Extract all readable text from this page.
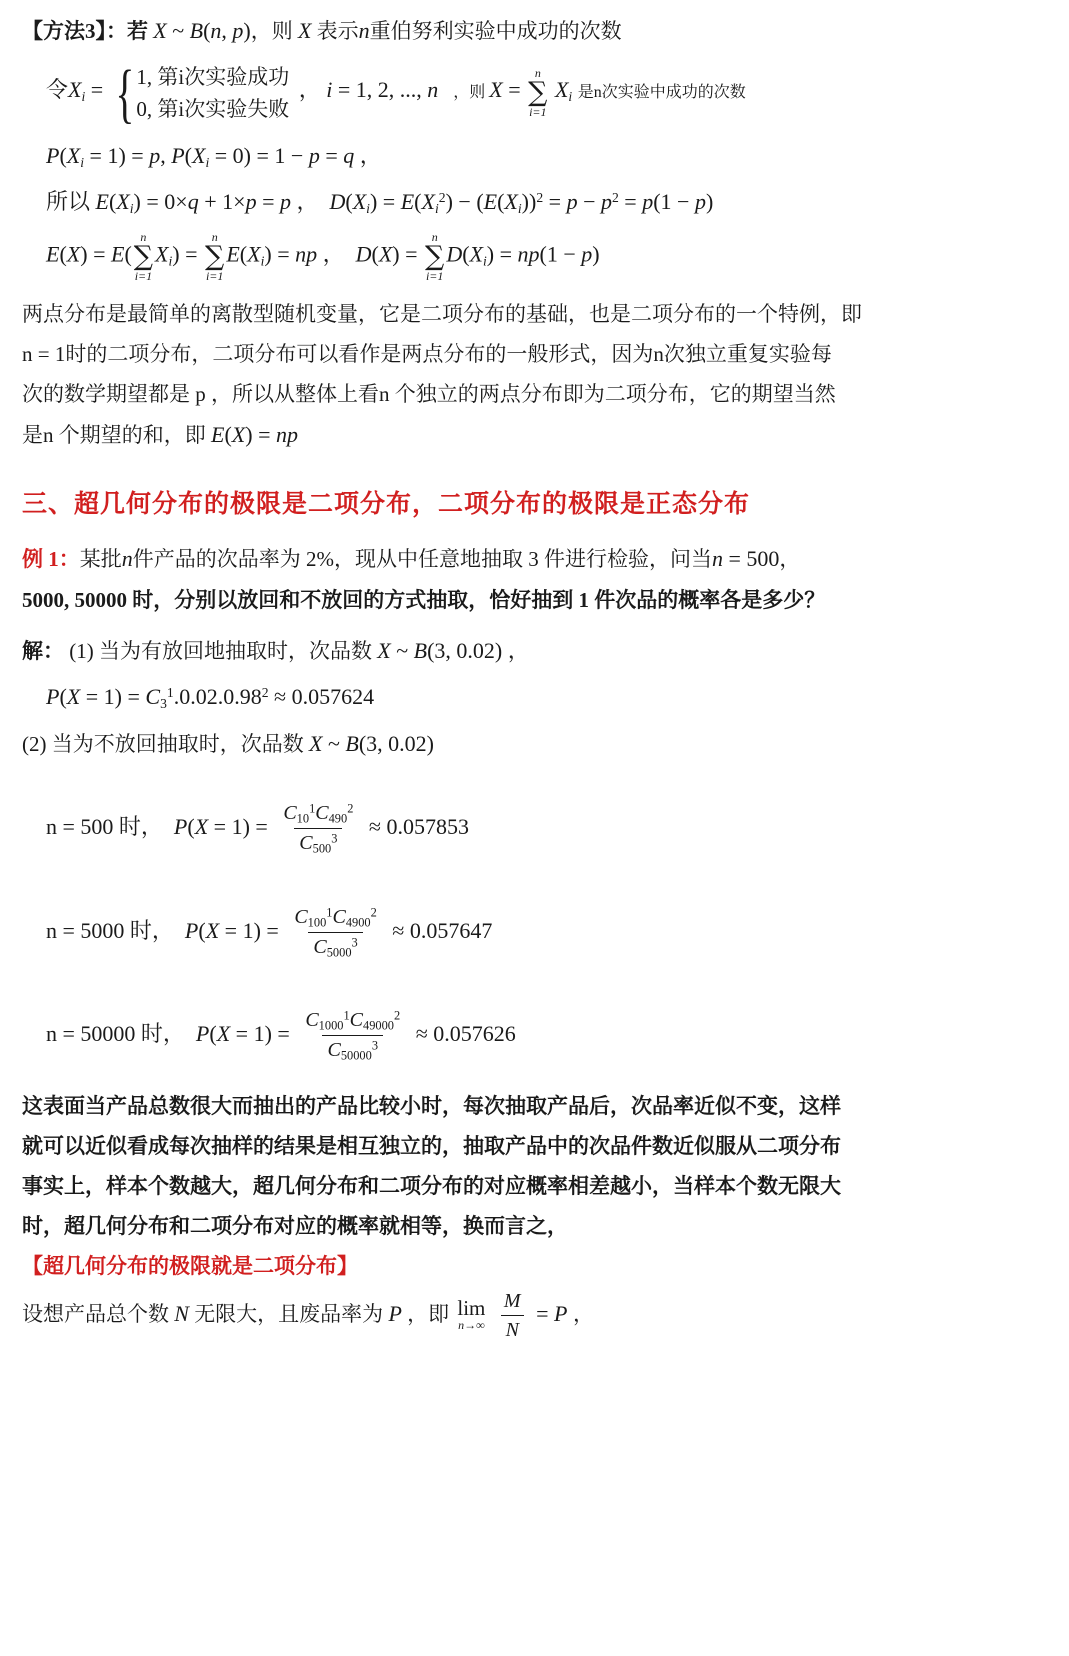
【方法3】：若 X ~ B(n, p)，则 X 表示n重伯努利实验中成功的次数
令$X_i$ = { 1, 第i次实验成功
0, 第i次实验失败
， i = 1, 2, ..., n ，则 X =
n
∑
i=1
$X_i$ 是n次实验中成功的次数
$P(X_i = 1) = p$, $P(X_i = 0) = 1 - p = q$ ，
所以 $E(X_i) = 0\times q + 1\times p = p$ ， $D(X_i) = E(X_i^2) - (E(X_i))^2 = p - p^2 = p(1 - p)$
E(X) = E(
n
∑
i=1
$X_i$) =
n
∑
i=1
$E(X_i)$ = np ， D(X) =
n
∑
i=1
$D(X_i) = np(1 - p)$
两点分布是最简单的离散型随机变量，它是二项分布的基础，也是二项分布的一个特例，即
n = 1时的二项分布，二项分布可以看作是两点分布的一般形式，因为n次独立重复实验每
次的数学期望都是 p ，所以从整体上看n 个独立的两点分布即为二项分布，它的期望当然
是n 个期望的和，即 E(X) = np
三、超几何分布的极限是二项分布，二项分布的极限是正态分布
例 1：某批n件产品的次品率为 2%，现从中任意地抽取 3 件进行检验，问当n = 500，
5000, 50000 时，分别以放回和不放回的方式抽取，恰好抽到 1 件次品的概率各是多少？
解： (1) 当为有放回地抽取时，次品数 X ~ B(3, 0.02) ，
$P(X = 1) = C_3^1.0.02.0.98^2 \approx 0.057624$
(2) 当为不放回抽取时，次品数 X ~ B(3, 0.02)
n = 500 时， $P(X = 1) = \frac{C_{10}^1C_{490}^2}{C_{500}^3} \approx 0.057853$
n = 5000 时， $P(X = 1) = \frac{C_{100}^1C_{4900}^2}{C_{5000}^3} \approx 0.057647$
n = 50000 时， $P(X = 1) = \frac{C_{1000}^1C_{49000}^2}{C_{50000}^3} \approx 0.057626$
这表面当产品总数很大而抽出的产品比较小时，每次抽取产品后，次品率近似不变，这样
就可以近似看成每次抽样的结果是相互独立的，抽取产品中的次品件数近似服从二项分布
事实上，样本个数越大，超几何分布和二项分布的对应概率相差越小，当样本个数无限大
时，超几何分布和二项分布对应的概率就相等，换而言之，
【超几何分布的极限就是二项分布】
设想产品总个数 N 无限大，且废品率为 P ，即 lim
n→∞
$\frac{M}{N} = P$ ，
